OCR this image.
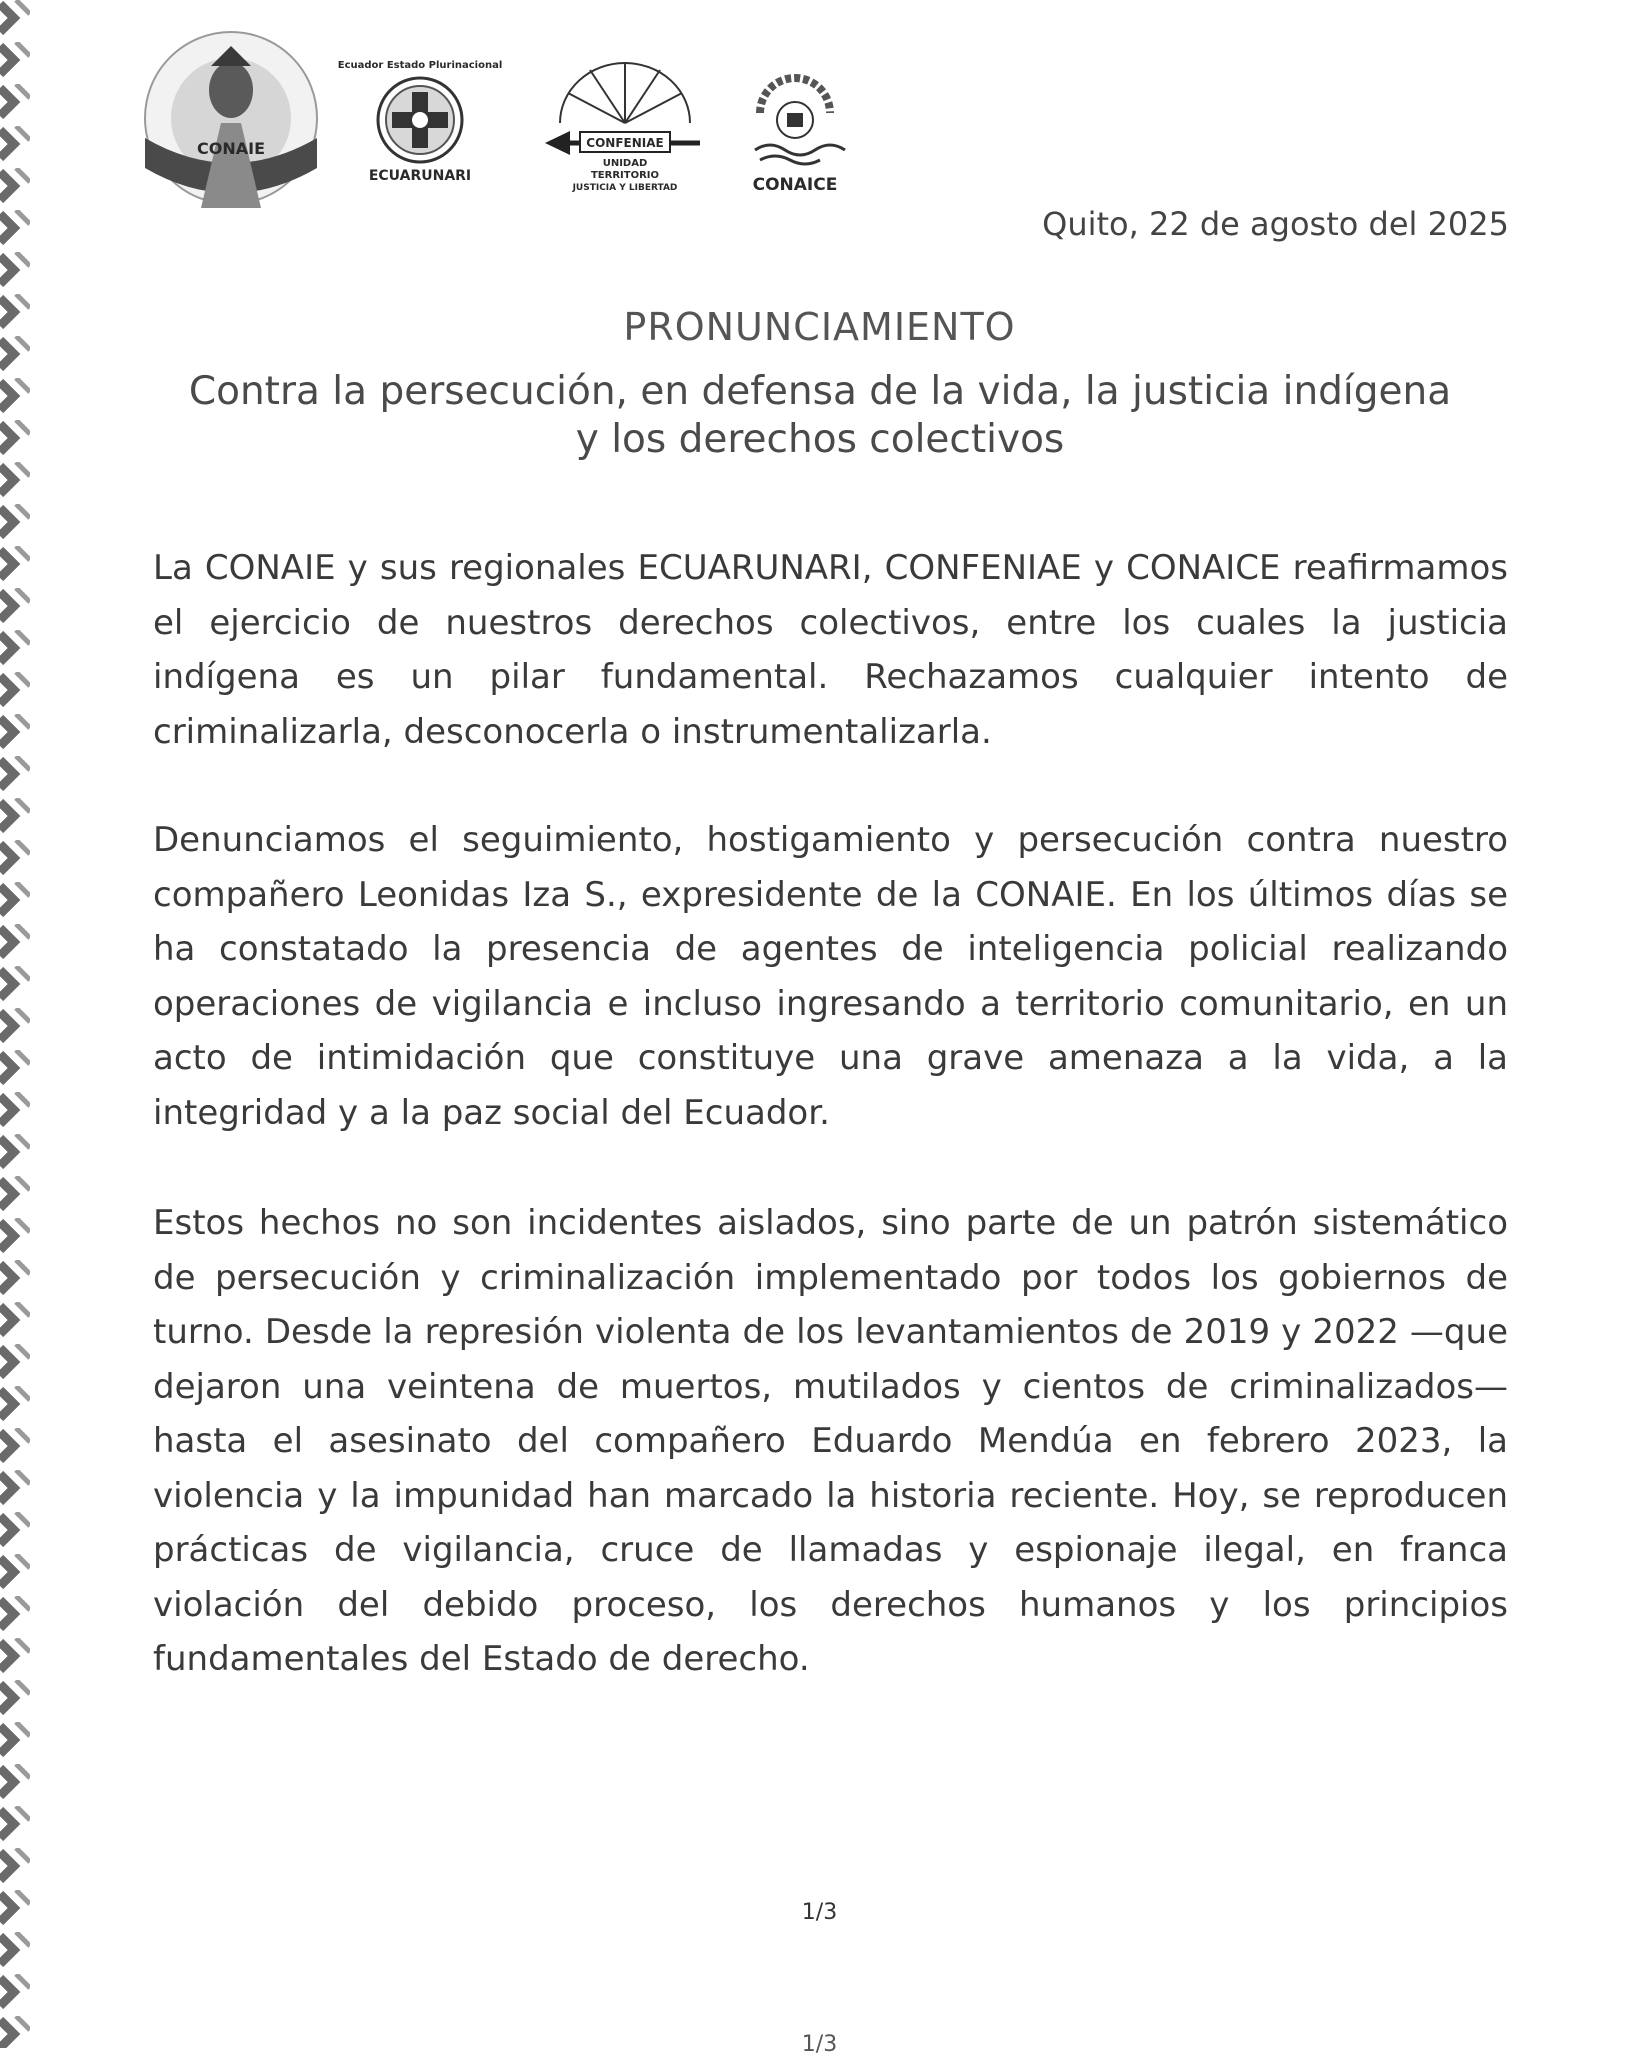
CONAIE
Ecuador Estado Plurinacional
ECUARUNARI
CONFENIAE
UNIDAD
TERRITORIO
JUSTICIA Y LIBERTAD	CONAICE
Quito, 22 de agosto del 2025
PRONUNCIAMIENTO
Contra la persecución, en defensa de la vida, la justicia indígena
y los derechos colectivos

La CONAIE y sus regionales ECUARUNARI, CONFENIAE y CONAICE reafirmamos el ejercicio de nuestros derechos colectivos, entre los cuales la justicia indígena es un pilar fundamental. Rechazamos cualquier intento de criminalizarla, desconocerla o instrumentalizarla.

Denunciamos el seguimiento, hostigamiento y persecución contra nuestro compañero Leonidas Iza S., expresidente de la CONAIE. En los últimos días se ha constatado la presencia de agentes de inteligencia policial realizando operaciones de vigilancia e incluso ingresando a territorio comunitario, en un acto de intimidación que constituye una grave amenaza a la vida, a la integridad y a la paz social del Ecuador.

Estos hechos no son incidentes aislados, sino parte de un patrón sistemático de persecución y criminalización implementado por todos los gobiernos de turno. Desde la represión violenta de los levantamientos de 2019 y 2022 —que dejaron una veintena de muertos, mutilados y cientos de criminalizados— hasta el asesinato del compañero Eduardo Mendúa en febrero 2023, la violencia y la impunidad han marcado la historia reciente. Hoy, se reproducen prácticas de vigilancia, cruce de llamadas y espionaje ilegal, en franca violación del debido proceso, los derechos humanos y los principios fundamentales del Estado de derecho.

1/3
1/3
